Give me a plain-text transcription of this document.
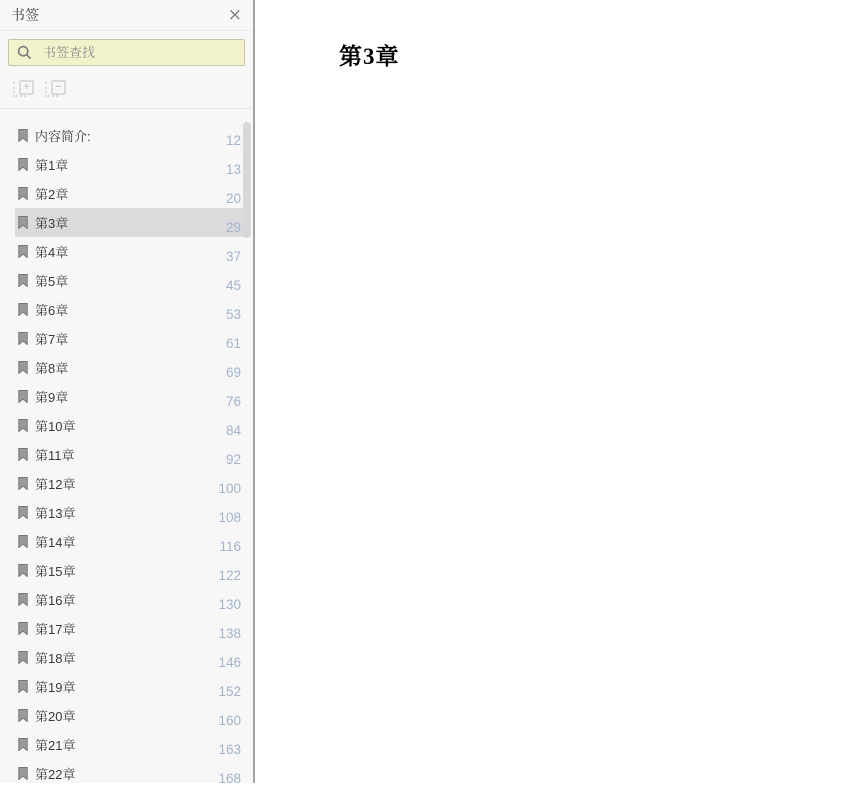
书签	×
书签查找
+	−
内容简介:	12
第1章	13
第2章	20
第3章	29
第4章	37
第5章	45
第6章	53
第7章	61
第8章	69
第9章	76
第10章	84
第11章	92
第12章	100
第13章	108
第14章	116
第15章	122
第16章	130
第17章	138
第18章	146
第19章	152
第20章	160
第21章	163
第22章	168
第3章
